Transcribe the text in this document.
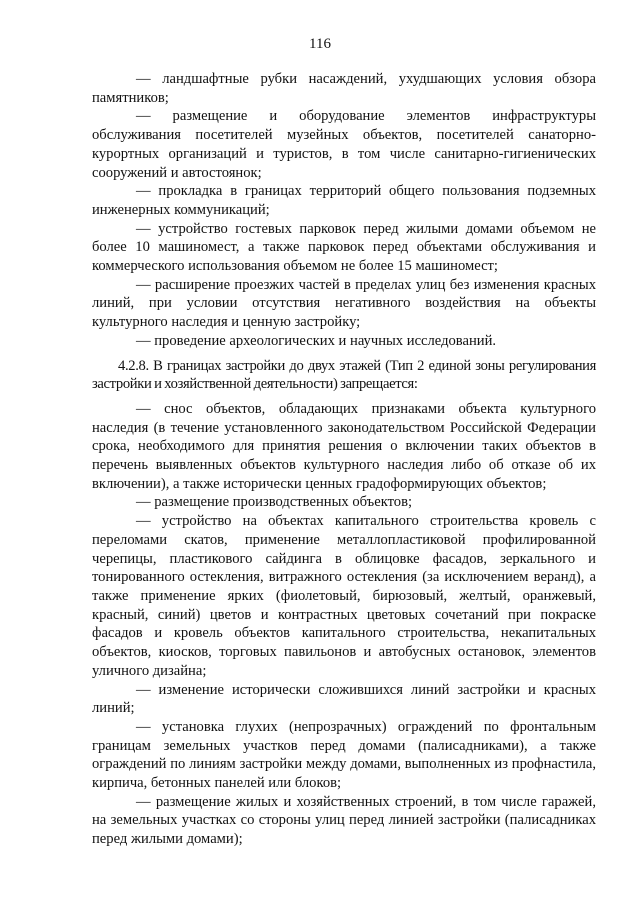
116

— ландшафтные рубки насаждений, ухудшающих условия обзора памятников;

— размещение и оборудование элементов инфраструктуры обслуживания посетителей музейных объектов, посетителей санаторно-курортных организаций и туристов, в том числе санитарно-гигиенических сооружений и автостоянок;

— прокладка в границах территорий общего пользования подземных инженерных коммуникаций;

— устройство гостевых парковок перед жилыми домами объемом не более 10 машиномест, а также парковок перед объектами обслуживания и коммерческого использования объемом не более 15 машиномест;

— расширение проезжих частей в пределах улиц без изменения красных линий, при условии отсутствия негативного воздействия на объекты культурного наследия и ценную застройку;

— проведение археологических и научных исследований.

4.2.8. В границах застройки до двух этажей (Тип 2 единой зоны регулирования застройки и хозяйственной деятельности) запрещается:

— снос объектов, обладающих признаками объекта культурного наследия (в течение установленного законодательством Российской Федерации срока, необходимого для принятия решения о включении таких объектов в перечень выявленных объектов культурного наследия либо об отказе об их включении), а также исторически ценных градоформирующих объектов;

— размещение производственных объектов;

— устройство на объектах капитального строительства кровель с переломами скатов, применение металлопластиковой профилированной черепицы, пластикового сайдинга в облицовке фасадов, зеркального и тонированного остекления, витражного остекления (за исключением веранд), а также применение ярких (фиолетовый, бирюзовый, желтый, оранжевый, красный, синий) цветов и контрастных цветовых сочетаний при покраске фасадов и кровель объектов капитального строительства, некапитальных объектов, киосков, торговых павильонов и автобусных остановок, элементов уличного дизайна;

— изменение исторически сложившихся линий застройки и красных линий;

— установка глухих (непрозрачных) ограждений по фронтальным границам земельных участков перед домами (палисадниками), а также ограждений по линиям застройки между домами, выполненных из профнастила, кирпича, бетонных панелей или блоков;

— размещение жилых и хозяйственных строений, в том числе гаражей, на земельных участках со стороны улиц перед линией застройки (палисадниках перед жилыми домами);
